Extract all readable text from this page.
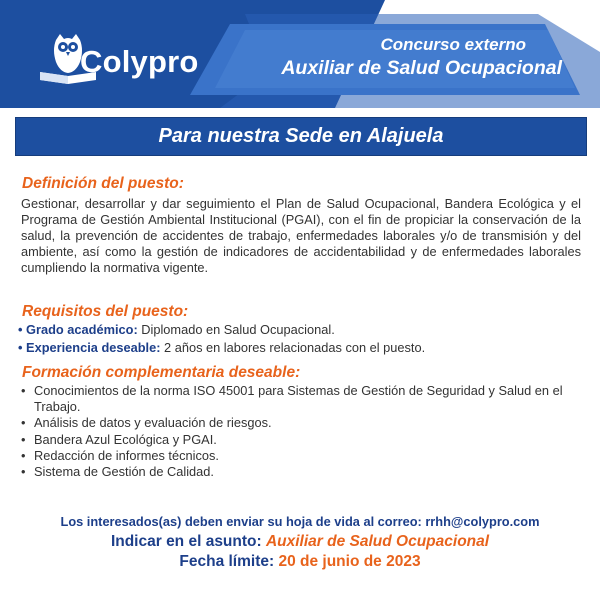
Colypro	Concurso externo
Auxiliar de Salud Ocupacional
Para nuestra Sede en Alajuela
Definición del puesto:
Gestionar, desarrollar y dar seguimiento el Plan de Salud Ocupacional, Bandera Ecológica y el Programa de Gestión Ambiental Institucional (PGAI), con el fin de propiciar la conservación de la salud, la prevención de accidentes de trabajo, enfermedades laborales y/o de transmisión y del ambiente, así como la gestión de indicadores de accidentabilidad y de enfermedades laborales cumpliendo la normativa vigente.
Requisitos del puesto:
• Grado académico: Diplomado en Salud Ocupacional.
• Experiencia deseable: 2 años en labores relacionadas con el puesto.
Formación complementaria deseable:
• Conocimientos de la norma ISO 45001 para Sistemas de Gestión de Seguridad y Salud en el Trabajo.
• Análisis de datos y evaluación de riesgos.
• Bandera Azul Ecológica y PGAI.
• Redacción de informes técnicos.
• Sistema de Gestión de Calidad.
Los interesados(as) deben enviar su hoja de vida al correo: rrhh@colypro.com
Indicar en el asunto: Auxiliar de Salud Ocupacional
Fecha límite: 20 de junio de 2023
